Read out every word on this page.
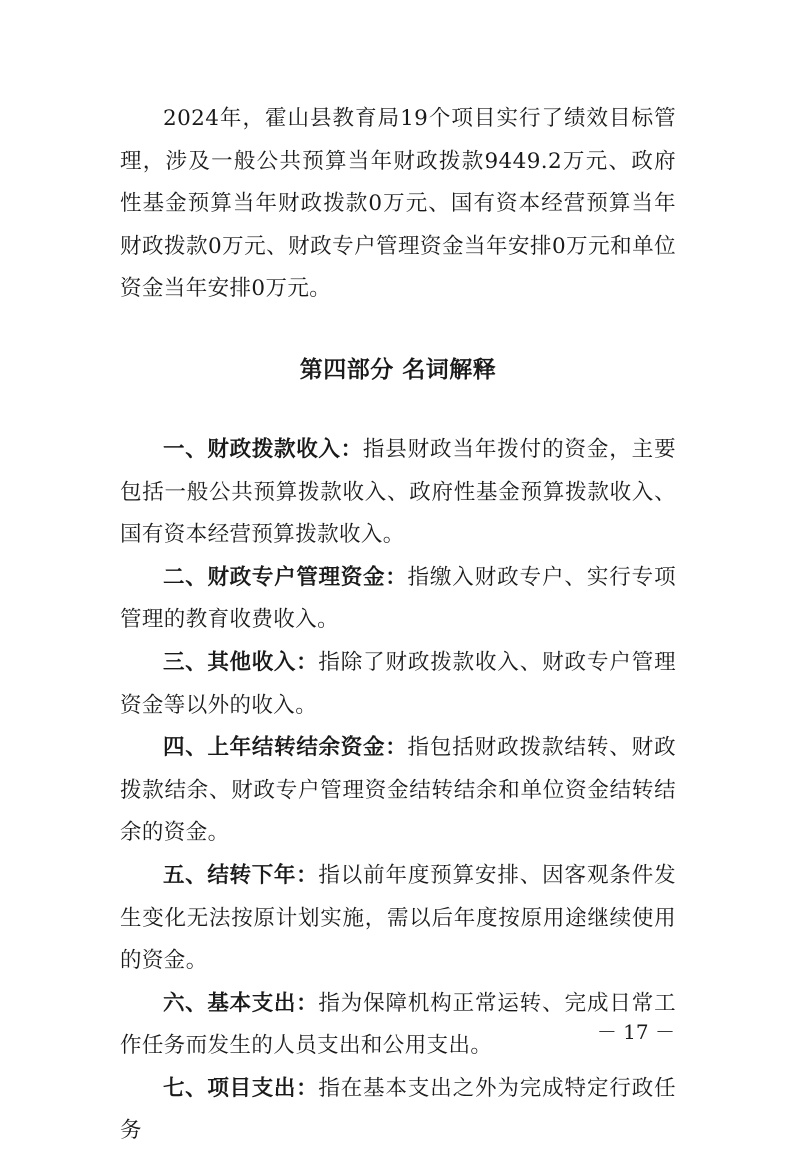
2024年，霍山县教育局19个项目实行了绩效目标管理，涉及一般公共预算当年财政拨款9449.2万元、政府性基金预算当年财政拨款0万元、国有资本经营预算当年财政拨款0万元、财政专户管理资金当年安排0万元和单位资金当年安排0万元。

第四部分 名词解释

一、财政拨款收入：指县财政当年拨付的资金，主要包括一般公共预算拨款收入、政府性基金预算拨款收入、国有资本经营预算拨款收入。

二、财政专户管理资金：指缴入财政专户、实行专项管理的教育收费收入。

三、其他收入：指除了财政拨款收入、财政专户管理资金等以外的收入。

四、上年结转结余资金：指包括财政拨款结转、财政拨款结余、财政专户管理资金结转结余和单位资金结转结余的资金。

五、结转下年：指以前年度预算安排、因客观条件发生变化无法按原计划实施，需以后年度按原用途继续使用的资金。

六、基本支出：指为保障机构正常运转、完成日常工作任务而发生的人员支出和公用支出。

七、项目支出：指在基本支出之外为完成特定行政任务

－ 17 －
